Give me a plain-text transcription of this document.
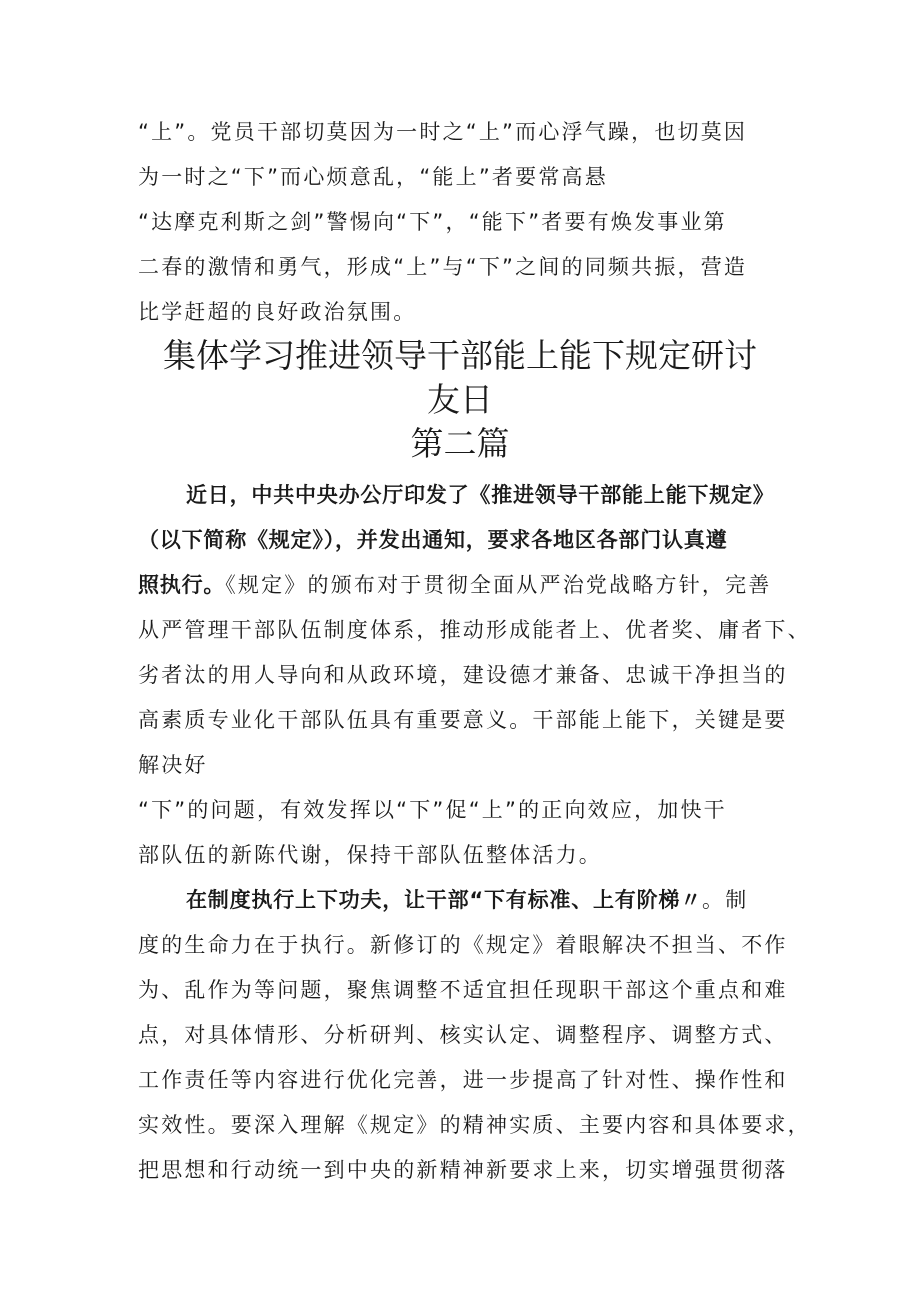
“上”。党员干部切莫因为一时之“上”而心浮气躁，也切莫因
为一时之“下”而心烦意乱，“能上”者要常高悬
“达摩克利斯之剑”警惕向“下”，“能下”者要有焕发事业第
二春的激情和勇气，形成“上”与“下”之间的同频共振，营造
比学赶超的良好政治氛围。
集体学习推进领导干部能上能下规定研讨
友日
第二篇
近日，中共中央办公厅印发了《推进领导干部能上能下规定》
（以下简称《规定》），并发出通知，要求各地区各部门认真遵
照执行。《规定》的颁布对于贯彻全面从严治党战略方针，完善
从严管理干部队伍制度体系，推动形成能者上、优者奖、庸者下、
劣者汰的用人导向和从政环境，建设德才兼备、忠诚干净担当的
高素质专业化干部队伍具有重要意义。干部能上能下，关键是要
解决好
“下”的问题，有效发挥以“下”促“上”的正向效应，加快干
部队伍的新陈代谢，保持干部队伍整体活力。
在制度执行上下功夫，让干部“下有标准、上有阶梯〃。制
度的生命力在于执行。新修订的《规定》着眼解决不担当、不作
为、乱作为等问题，聚焦调整不适宜担任现职干部这个重点和难
点，对具体情形、分析研判、核实认定、调整程序、调整方式、
工作责任等内容进行优化完善，进一步提高了针对性、操作性和
实效性。要深入理解《规定》的精神实质、主要内容和具体要求，
把思想和行动统一到中央的新精神新要求上来，切实增强贯彻落
